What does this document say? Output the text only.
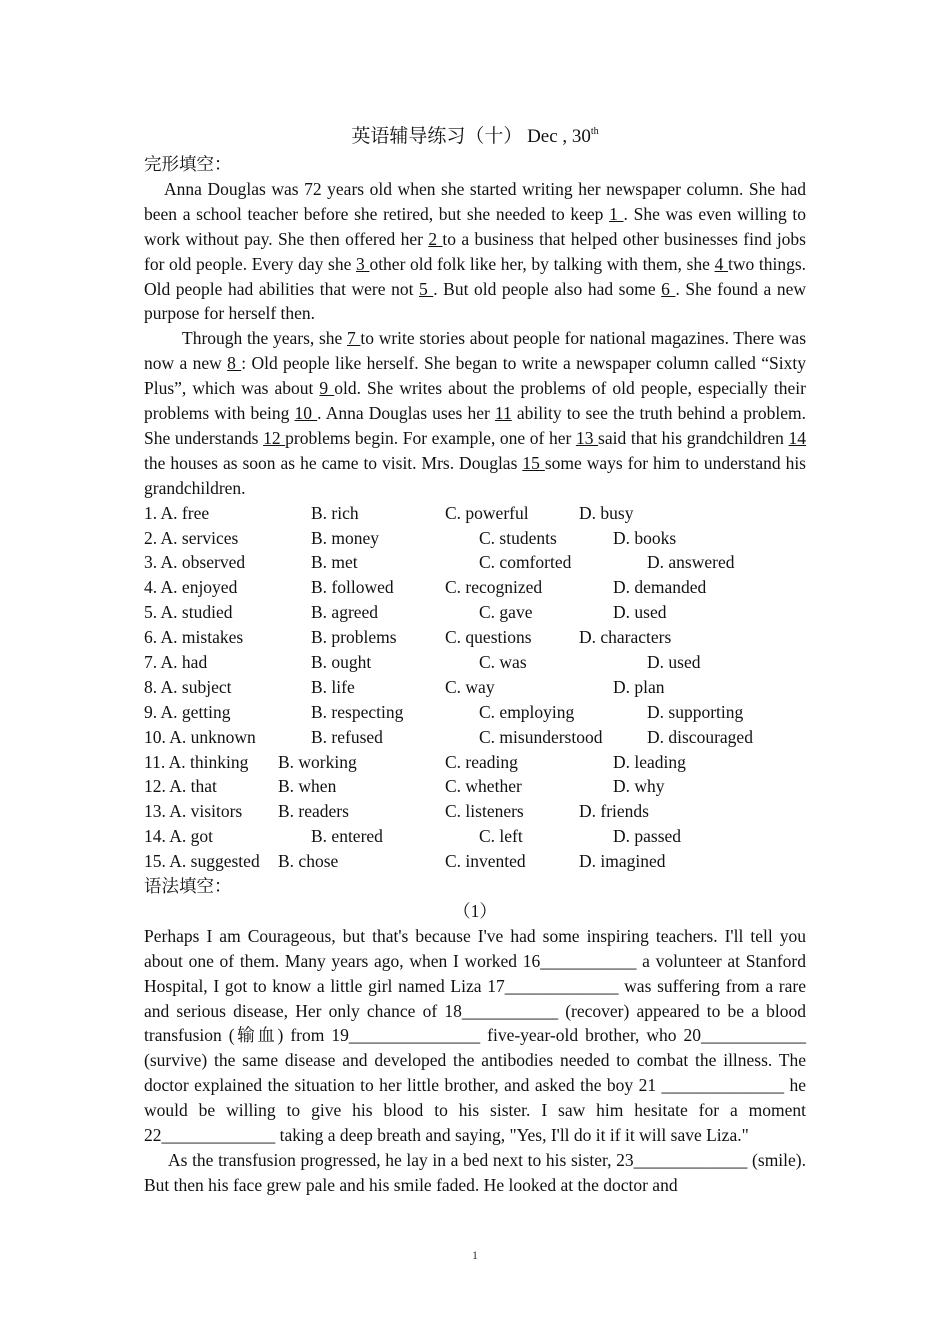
英语辅导练习（十） Dec , 30th
完形填空：
Anna Douglas was 72 years old when she started writing her newspaper column. She had been a school teacher before she retired, but she needed to keep 1 . She was even willing to work without pay. She then offered her 2 to a business that helped other businesses find jobs for old people. Every day she 3 other old folk like her, by talking with them, she 4 two things. Old people had abilities that were not 5 . But old people also had some 6 . She found a new purpose for herself then.
Through the years, she 7 to write stories about people for national magazines. There was now a new 8 : Old people like herself. She began to write a newspaper column called “Sixty Plus”, which was about 9 old. She writes about the problems of old people, especially their problems with being 10 . Anna Douglas uses her 11 ability to see the truth behind a problem. She understands 12 problems begin. For example, one of her 13 said that his grandchildren 14 the houses as soon as he came to visit. Mrs. Douglas 15 some ways for him to understand his grandchildren.
1. A. free	B. rich	C. powerful	D. busy
2. A. services	B. money	C. students	D. books
3. A. observed	B. met	C. comforted	D. answered
4. A. enjoyed	B. followed	C. recognized	D. demanded
5. A. studied	B. agreed	C. gave	D. used
6. A. mistakes	B. problems	C. questions	D. characters
7. A. had	B. ought	C. was	D. used
8. A. subject	B. life	C. way	D. plan
9. A. getting	B. respecting	C. employing	D. supporting
10. A. unknown	B. refused	C. misunderstood	D. discouraged
11. A. thinking B. working	C. reading	D. leading
12. A. that	B. when	C. whether	D. why
13. A. visitors B. readers	C. listeners	D. friends
14. A. got	B. entered	C. left	D. passed
15. A. suggested B. chose	C. invented	D. imagined
语法填空：
（1）
Perhaps I am Courageous, but that's because I've had some inspiring teachers. I'll tell you about one of them. Many years ago, when I worked 16___________ a volunteer at Stanford Hospital, I got to know a little girl named Liza 17_____________ was suffering from a rare and serious disease, Her only chance of 18___________ (recover) appeared to be a blood transfusion (输血) from 19_______________ five-year-old brother, who 20____________ (survive) the same disease and developed the antibodies needed to combat the illness. The doctor explained the situation to her little brother, and asked the boy 21 ______________ he would be willing to give his blood to his sister. I saw him hesitate for a moment 22_____________ taking a deep breath and saying, "Yes, I'll do it if it will save Liza."
As the transfusion progressed, he lay in a bed next to his sister, 23_____________ (smile). But then his face grew pale and his smile faded. He looked at the doctor and
1
